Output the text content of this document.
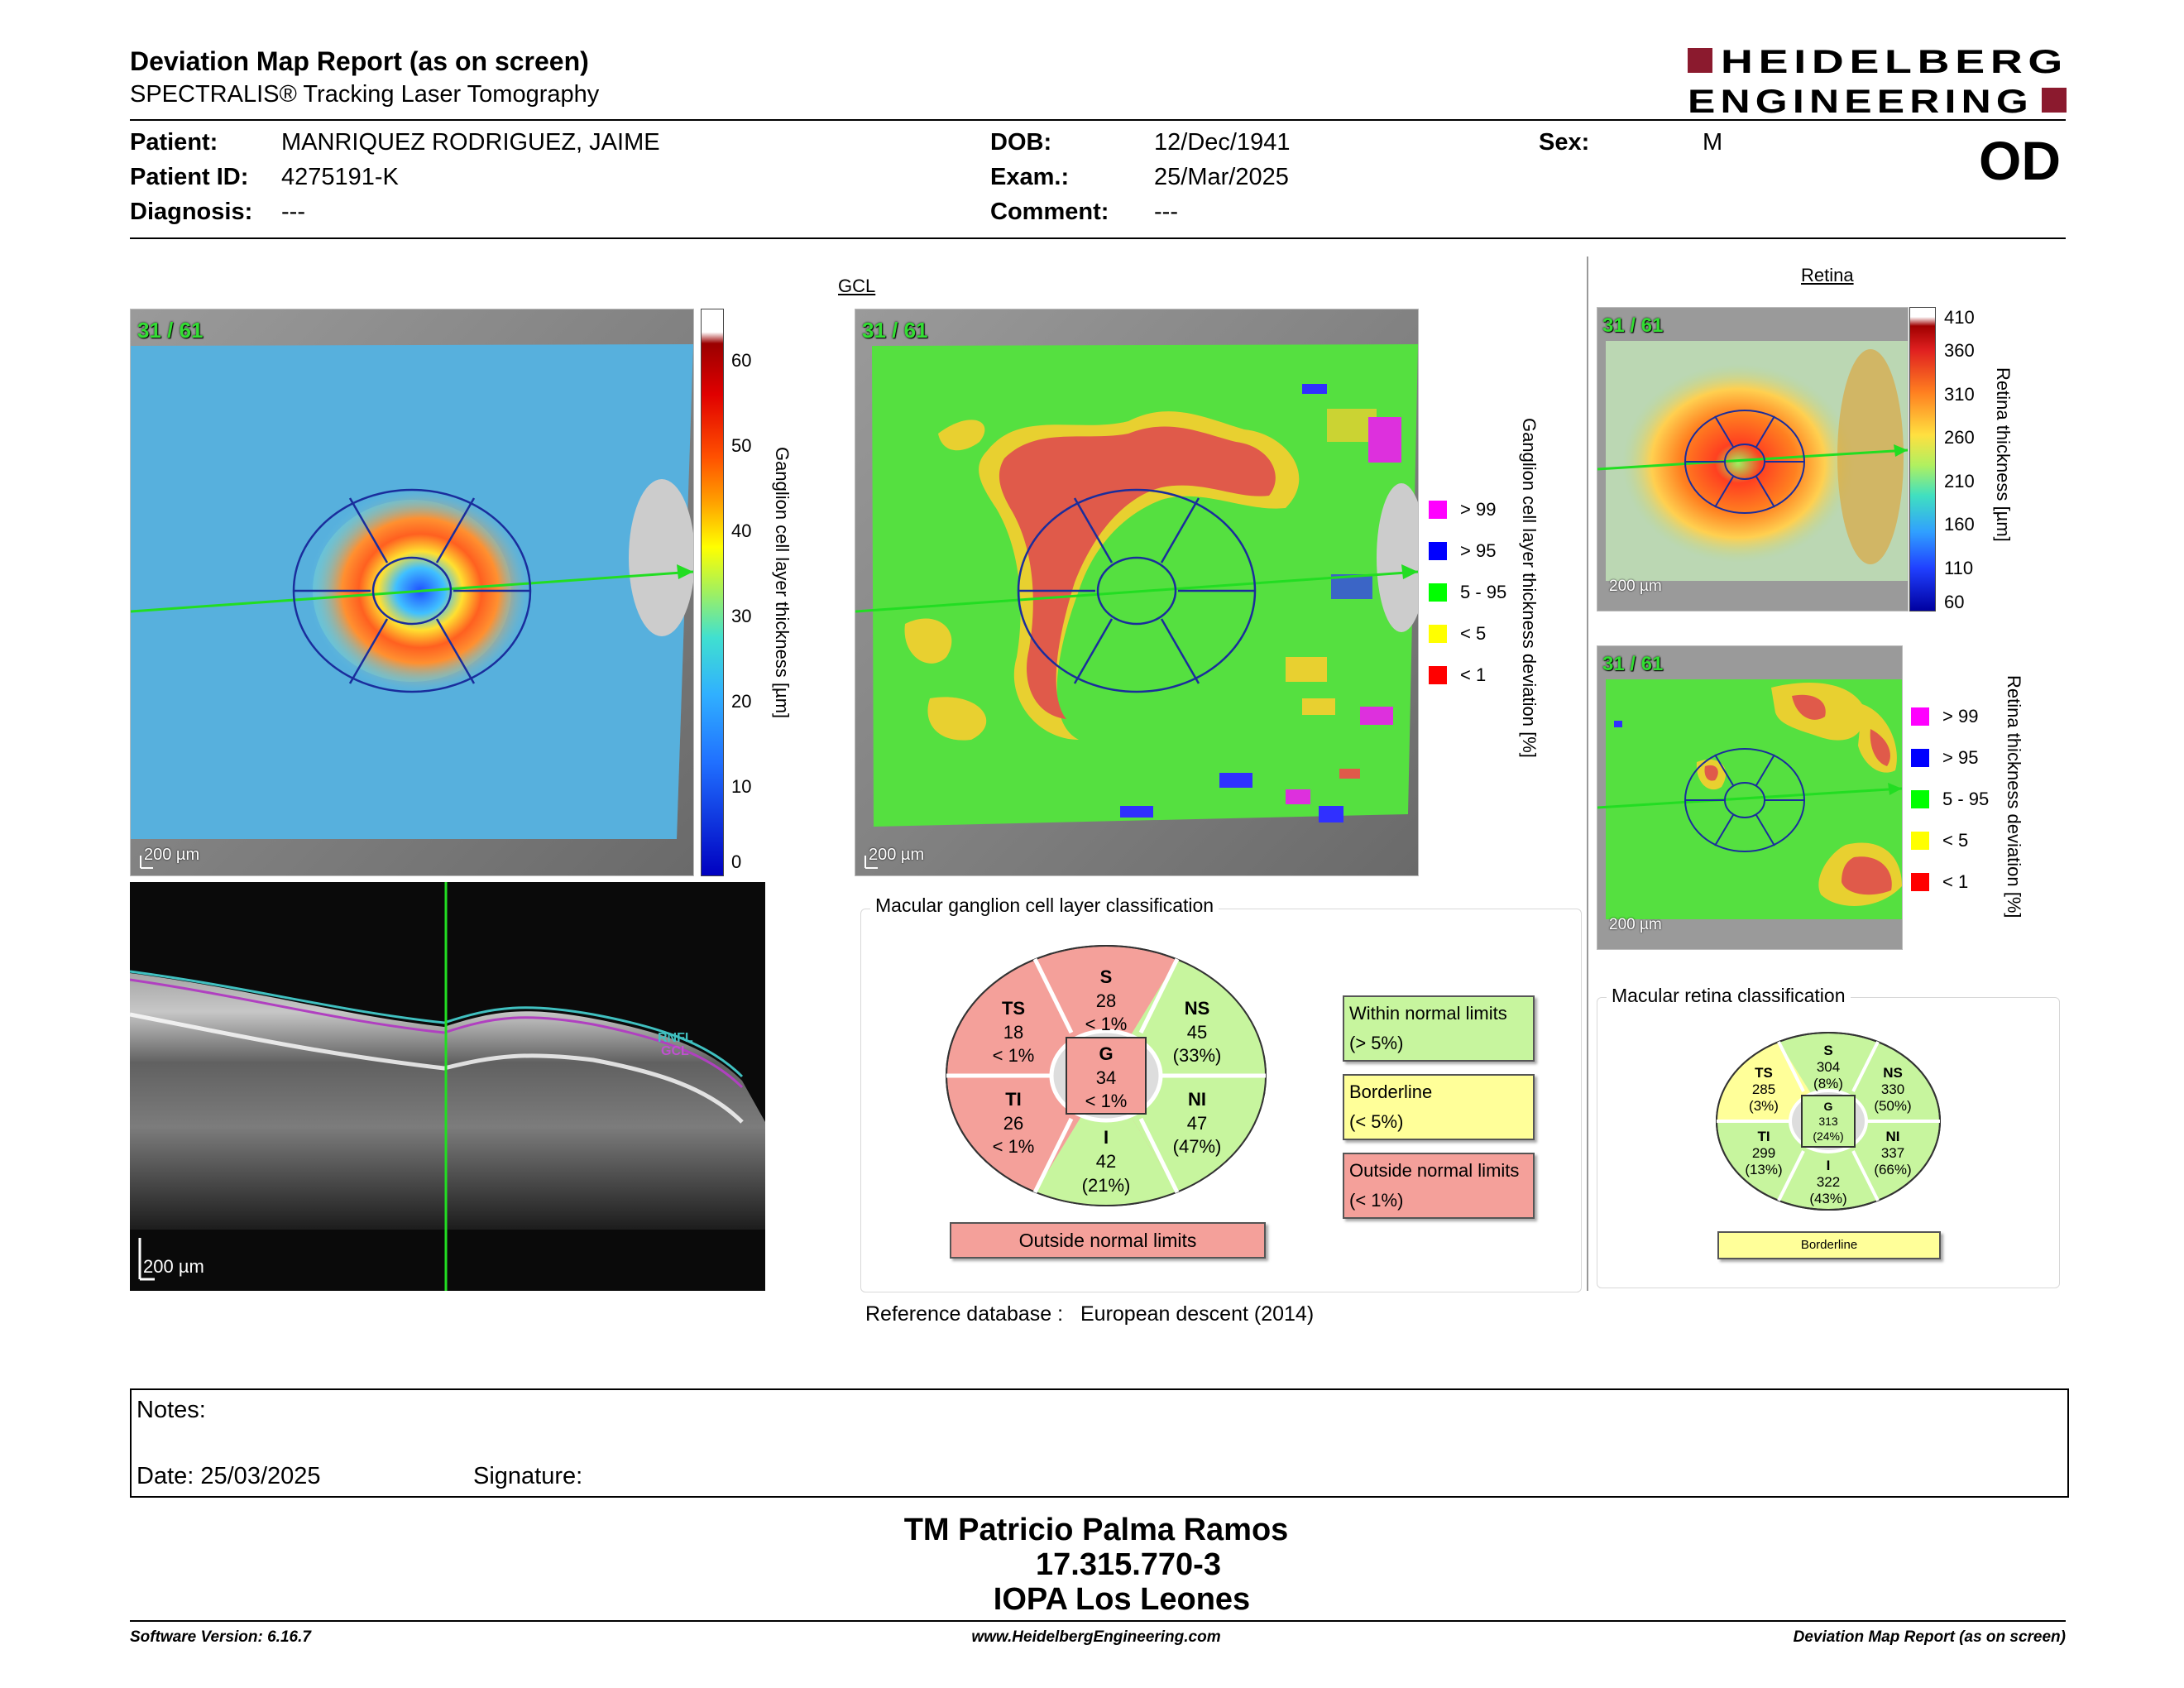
Deviation Map Report (as on screen)
SPECTRALIS® Tracking Laser Tomography
HEIDELBERG
ENGINEERING
Patient:	MANRIQUEZ RODRIGUEZ, JAIME
Patient ID: 4275191-K
Diagnosis: ---
DOB:	12/Dec/1941
Exam.:	25/Mar/2025
Comment: ---
Sex:	M	OD
GCL
Retina
31 / 61
200 µm
60
50
40
30
20
10
0
Ganglion cell layer thickness [µm]
31 / 61
200 µm
> 99
> 95
5 - 95
< 5
< 1 Ganglion cell layer thickness deviation [%]
RNFL
GCL
200 µm
31 / 61
200 µm
410
360
310
260
210
160
110
60
Retina thickness [µm]
31 / 61
200 µm
> 99
> 95
5 - 95
< 5
< 1 Retina thickness deviation [%]
Macular ganglion cell layer classification
S
28
< 1%
TS
18
< 1%
NS
45
(33%)
TI
26
< 1%
NI
47
(47%)
I
42
(21%)
G
34
< 1%
Outside normal limits
Within normal limits
(> 5%)
Borderline
(< 5%)
Outside normal limits
(< 1%)
Reference database : European descent (2014)
Macular retina classification
S
304
(8%)
TS
285
(3%)
NS
330
(50%)
TI
299
(13%)
NI
337
(66%)
I
322
(43%)
G
313
(24%)
Borderline
Notes:
Date: 25/03/2025	Signature:
TM Patricio Palma Ramos
17.315.770-3
IOPA Los Leones
Software Version: 6.16.7	www.HeidelbergEngineering.com	Deviation Map Report (as on screen)
